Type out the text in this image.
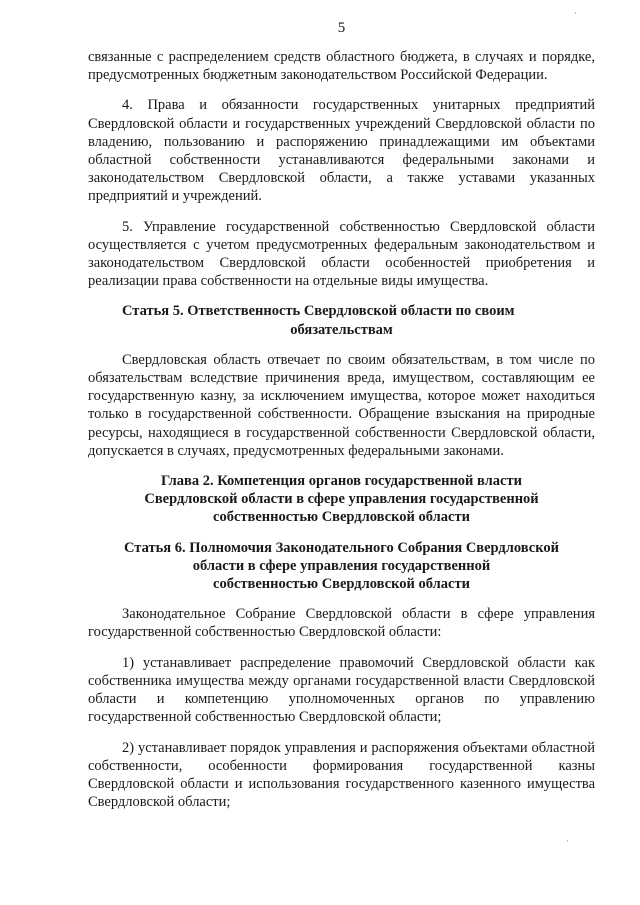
5

связанные с распределением средств областного бюджета, в случаях и порядке, предусмотренных бюджетным законодательством Российской Федерации.

4. Права и обязанности государственных унитарных предприятий Свердловской области и государственных учреждений Свердловской области по владению, пользованию и распоряжению принадлежащими им объектами областной собственности устанавливаются федеральными законами и законодательством Свердловской области, а также уставами указанных предприятий и учреждений.

5. Управление государственной собственностью Свердловской области осуществляется с учетом предусмотренных федеральным законодательством и законодательством Свердловской области особенностей приобретения и реализации права собственности на отдельные виды имущества.

Статья 5. Ответственность Свердловской области по своим
обязательствам

Свердловская область отвечает по своим обязательствам, в том числе по обязательствам вследствие причинения вреда, имуществом, составляющим ее государственную казну, за исключением имущества, которое может находиться только в государственной собственности. Обращение взыскания на природные ресурсы, находящиеся в государственной собственности Свердловской области, допускается в случаях, предусмотренных федеральными законами.

Глава 2. Компетенция органов государственной власти
Свердловской области в сфере управления государственной
собственностью Свердловской области
Статья 6. Полномочия Законодательного Собрания Свердловской
области в сфере управления государственной
собственностью Свердловской области

Законодательное Собрание Свердловской области в сфере управления государственной собственностью Свердловской области:

1) устанавливает распределение правомочий Свердловской области как собственника имущества между органами государственной власти Свердловской области и компетенцию уполномоченных органов по управлению государственной собственностью Свердловской области;

2) устанавливает порядок управления и распоряжения объектами областной собственности, особенности формирования государственной казны Свердловской области и использования государственного казенного имущества Свердловской области;

·
·
